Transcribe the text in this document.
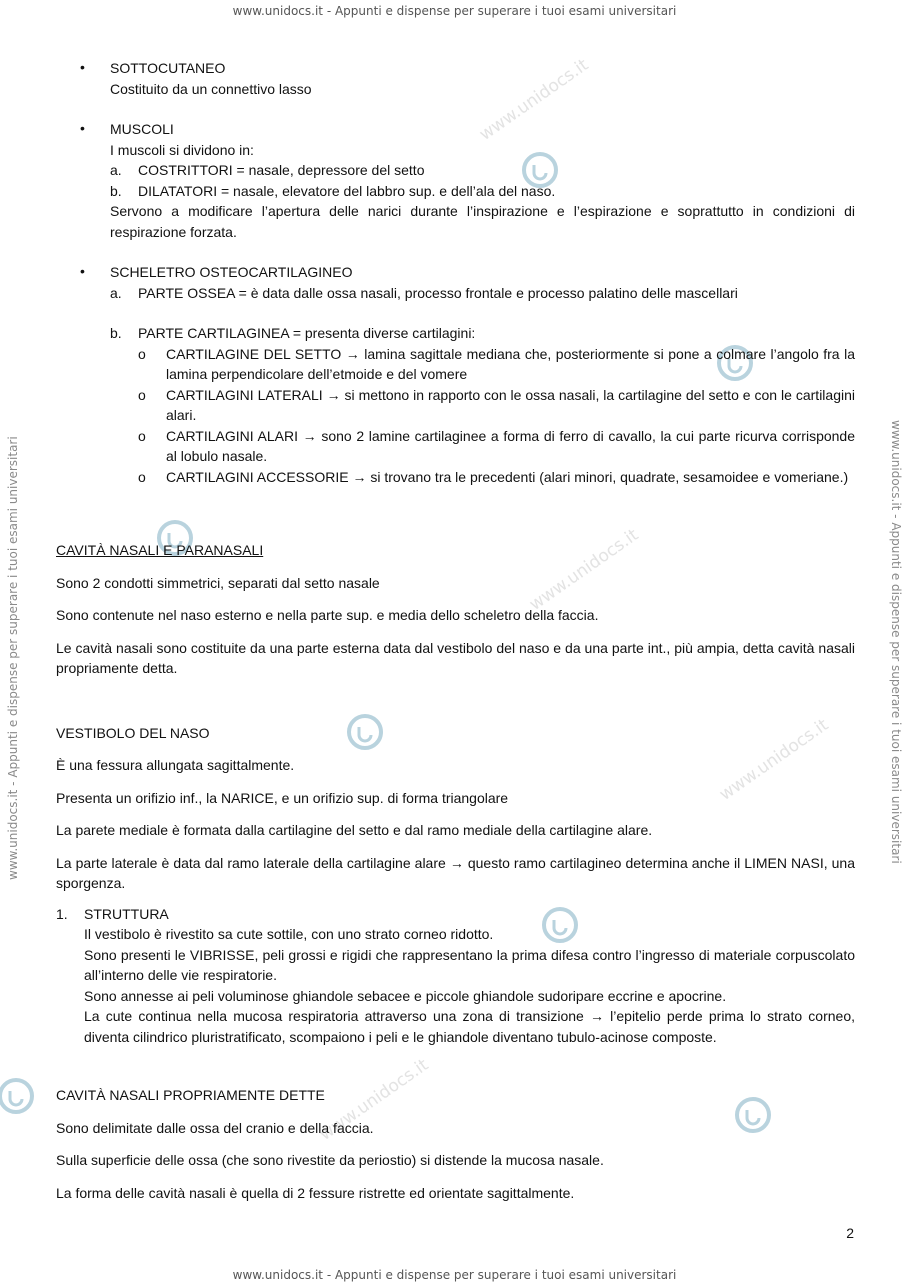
www.unidocs.it - Appunti e dispense per superare i tuoi esami universitari
www.unidocs.it - Appunti e dispense per superare i tuoi esami universitari
www.unidocs.it - Appunti e dispense per superare i tuoi esami universitari	www.unidocs.it - Appunti e dispense per superare i tuoi esami universitari
www.unidocs.it
www.unidocs.it
www.unidocs.it
www.unidocs.it
• SOTTOCUTANEO
Costituito da un connettivo lasso
• MUSCOLI
I muscoli si dividono in:
a. COSTRITTORI = nasale, depressore del setto
b. DILATATORI = nasale, elevatore del labbro sup. e dell’ala del naso.
Servono a modificare l’apertura delle narici durante l’inspirazione e l’espirazione e soprattutto in condizioni di respirazione forzata.
• SCHELETRO OSTEOCARTILAGINEO
a. PARTE OSSEA = è data dalle ossa nasali, processo frontale e processo palatino delle mascellari
b. PARTE CARTILAGINEA = presenta diverse cartilagini:
o CARTILAGINE DEL SETTO → lamina sagittale mediana che, posteriormente si pone a colmare l’angolo fra la lamina perpendicolare dell’etmoide e del vomere
o CARTILAGINI LATERALI → si mettono in rapporto con le ossa nasali, la cartilagine del setto e con le cartilagini alari.
o CARTILAGINI ALARI → sono 2 lamine cartilaginee a forma di ferro di cavallo, la cui parte ricurva corrisponde al lobulo nasale.
o CARTILAGINI ACCESSORIE → si trovano tra le precedenti (alari minori, quadrate, sesamoidee e vomeriane.)
CAVITÀ NASALI E PARANASALI
Sono 2 condotti simmetrici, separati dal setto nasale
Sono contenute nel naso esterno e nella parte sup. e media dello scheletro della faccia.
Le cavità nasali sono costituite da una parte esterna data dal vestibolo del naso e da una parte int., più ampia, detta cavità nasali propriamente detta.
VESTIBOLO DEL NASO
È una fessura allungata sagittalmente.
Presenta un orifizio inf., la NARICE, e un orifizio sup. di forma triangolare
La parete mediale è formata dalla cartilagine del setto e dal ramo mediale della cartilagine alare.
La parte laterale è data dal ramo laterale della cartilagine alare → questo ramo cartilagineo determina anche il LIMEN NASI, una sporgenza.
1. STRUTTURA
Il vestibolo è rivestito sa cute sottile, con uno strato corneo ridotto.
Sono presenti le VIBRISSE, peli grossi e rigidi che rappresentano la prima difesa contro l’ingresso di materiale corpuscolato all’interno delle vie respiratorie.
Sono annesse ai peli voluminose ghiandole sebacee e piccole ghiandole sudoripare eccrine e apocrine.
La cute continua nella mucosa respiratoria attraverso una zona di transizione → l’epitelio perde prima lo strato corneo, diventa cilindrico pluristratificato, scompaiono i peli e le ghiandole diventano tubulo-acinose composte.
CAVITÀ NASALI PROPRIAMENTE DETTE
Sono delimitate dalle ossa del cranio e della faccia.
Sulla superficie delle ossa (che sono rivestite da periostio) si distende la mucosa nasale.
La forma delle cavità nasali è quella di 2 fessure ristrette ed orientate sagittalmente.
2
